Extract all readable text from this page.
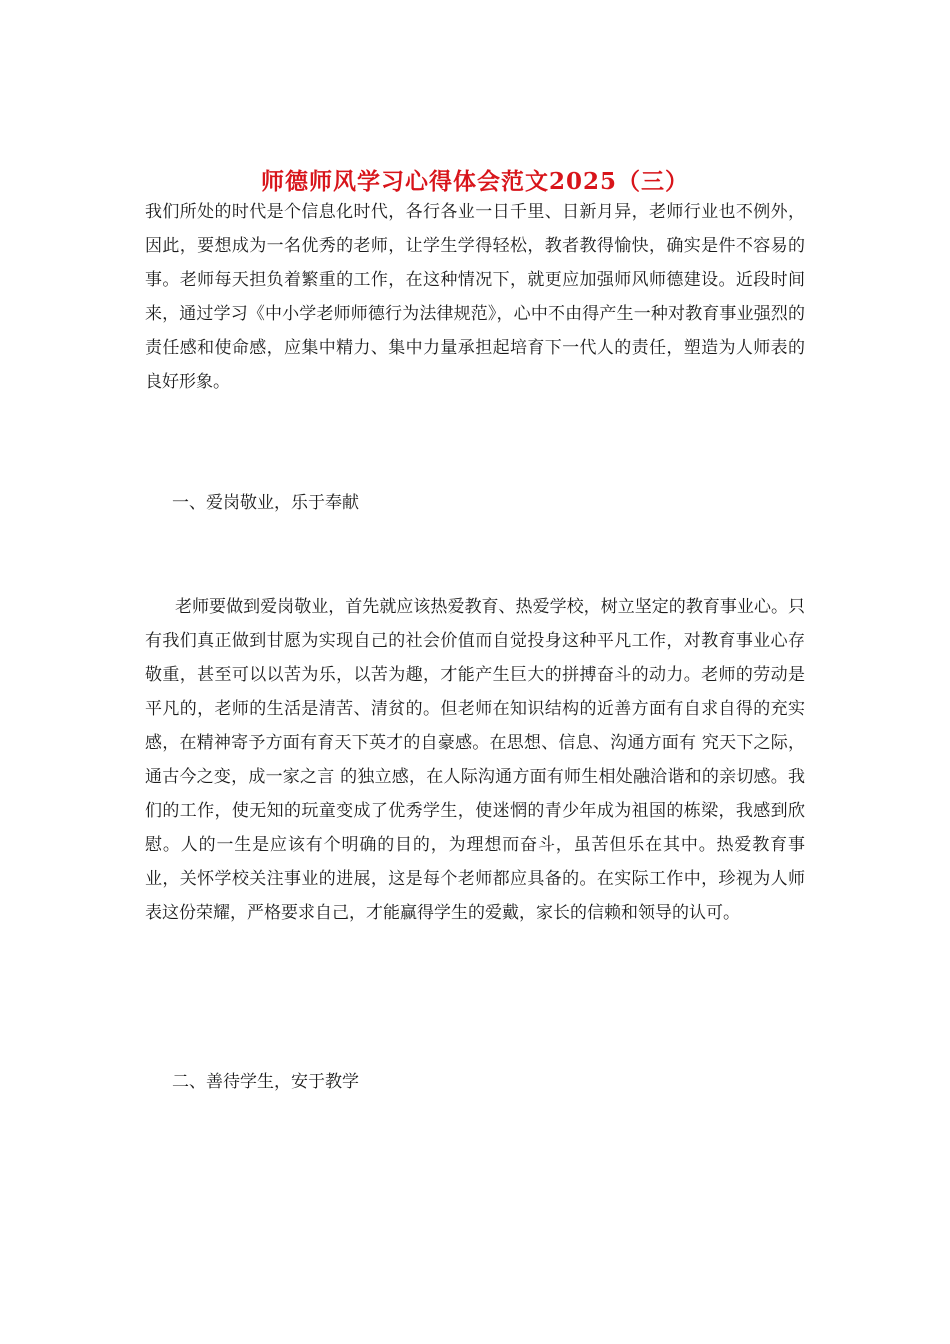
师德师风学习心得体会范文2025（三）

我们所处的时代是个信息化时代，各行各业一日千里、日新月异，老师行业也不例外，因此，要想成为一名优秀的老师，让学生学得轻松，教者教得愉快，确实是件不容易的事。老师每天担负着繁重的工作，在这种情况下，就更应加强师风师德建设。近段时间来，通过学习《中小学老师师德行为法律规范》，心中不由得产生一种对教育事业强烈的责任感和使命感，应集中精力、集中力量承担起培育下一代人的责任，塑造为人师表的良好形象。

一、爱岗敬业，乐于奉献

老师要做到爱岗敬业，首先就应该热爱教育、热爱学校，树立坚定的教育事业心。只有我们真正做到甘愿为实现自己的社会价值而自觉投身这种平凡工作，对教育事业心存敬重，甚至可以以苦为乐，以苦为趣，才能产生巨大的拼搏奋斗的动力。老师的劳动是平凡的，老师的生活是清苦、清贫的。但老师在知识结构的近善方面有自求自得的充实感，在精神寄予方面有育天下英才的自豪感。在思想、信息、沟通方面有 究天下之际，通古今之变，成一家之言 的独立感，在人际沟通方面有师生相处融洽谐和的亲切感。我们的工作，使无知的玩童变成了优秀学生，使迷惘的青少年成为祖国的栋梁，我感到欣慰。人的一生是应该有个明确的目的，为理想而奋斗，虽苦但乐在其中。热爱教育事业，关怀学校关注事业的进展，这是每个老师都应具备的。在实际工作中，珍视为人师表这份荣耀，严格要求自己，才能赢得学生的爱戴，家长的信赖和领导的认可。

二、善待学生，安于教学
